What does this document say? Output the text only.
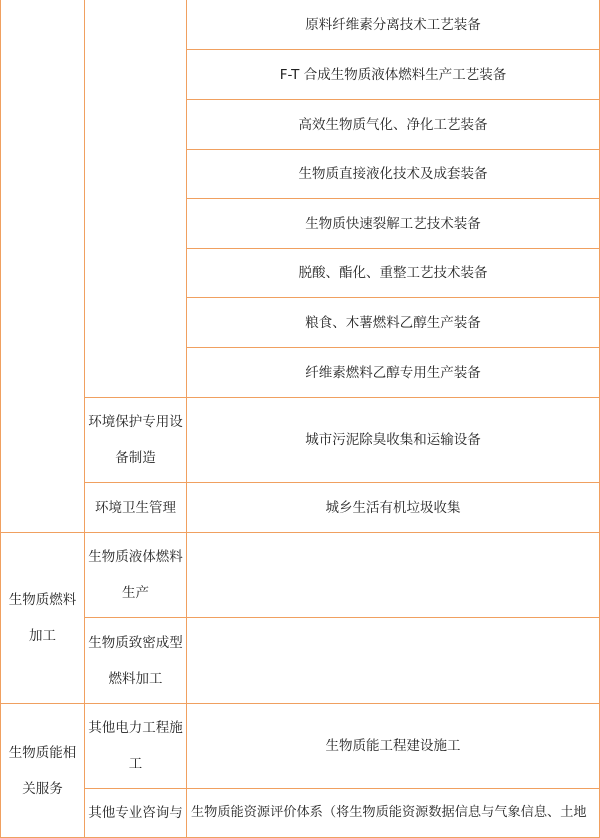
原料纤维素分离技术工艺装备
F-T 合成生物质液体燃料生产工艺装备
高效生物质气化、净化工艺装备
生物质直接液化技术及成套装备
生物质快速裂解工艺技术装备
脱酸、酯化、重整工艺技术装备
粮食、木薯燃料乙醇生产装备
纤维素燃料乙醇专用生产装备
城市污泥除臭收集和运输设备
城乡生活有机垃圾收集
生物质能工程建设施工
生物质能资源评价体系（将生物质能资源数据信息与气象信息、土地
环境保护专用设
备制造
环境卫生管理
生物质液体燃料
生产
生物质致密成型
燃料加工
其他电力工程施
工
其他专业咨询与
生物质燃料
加工
生物质能相
关服务
